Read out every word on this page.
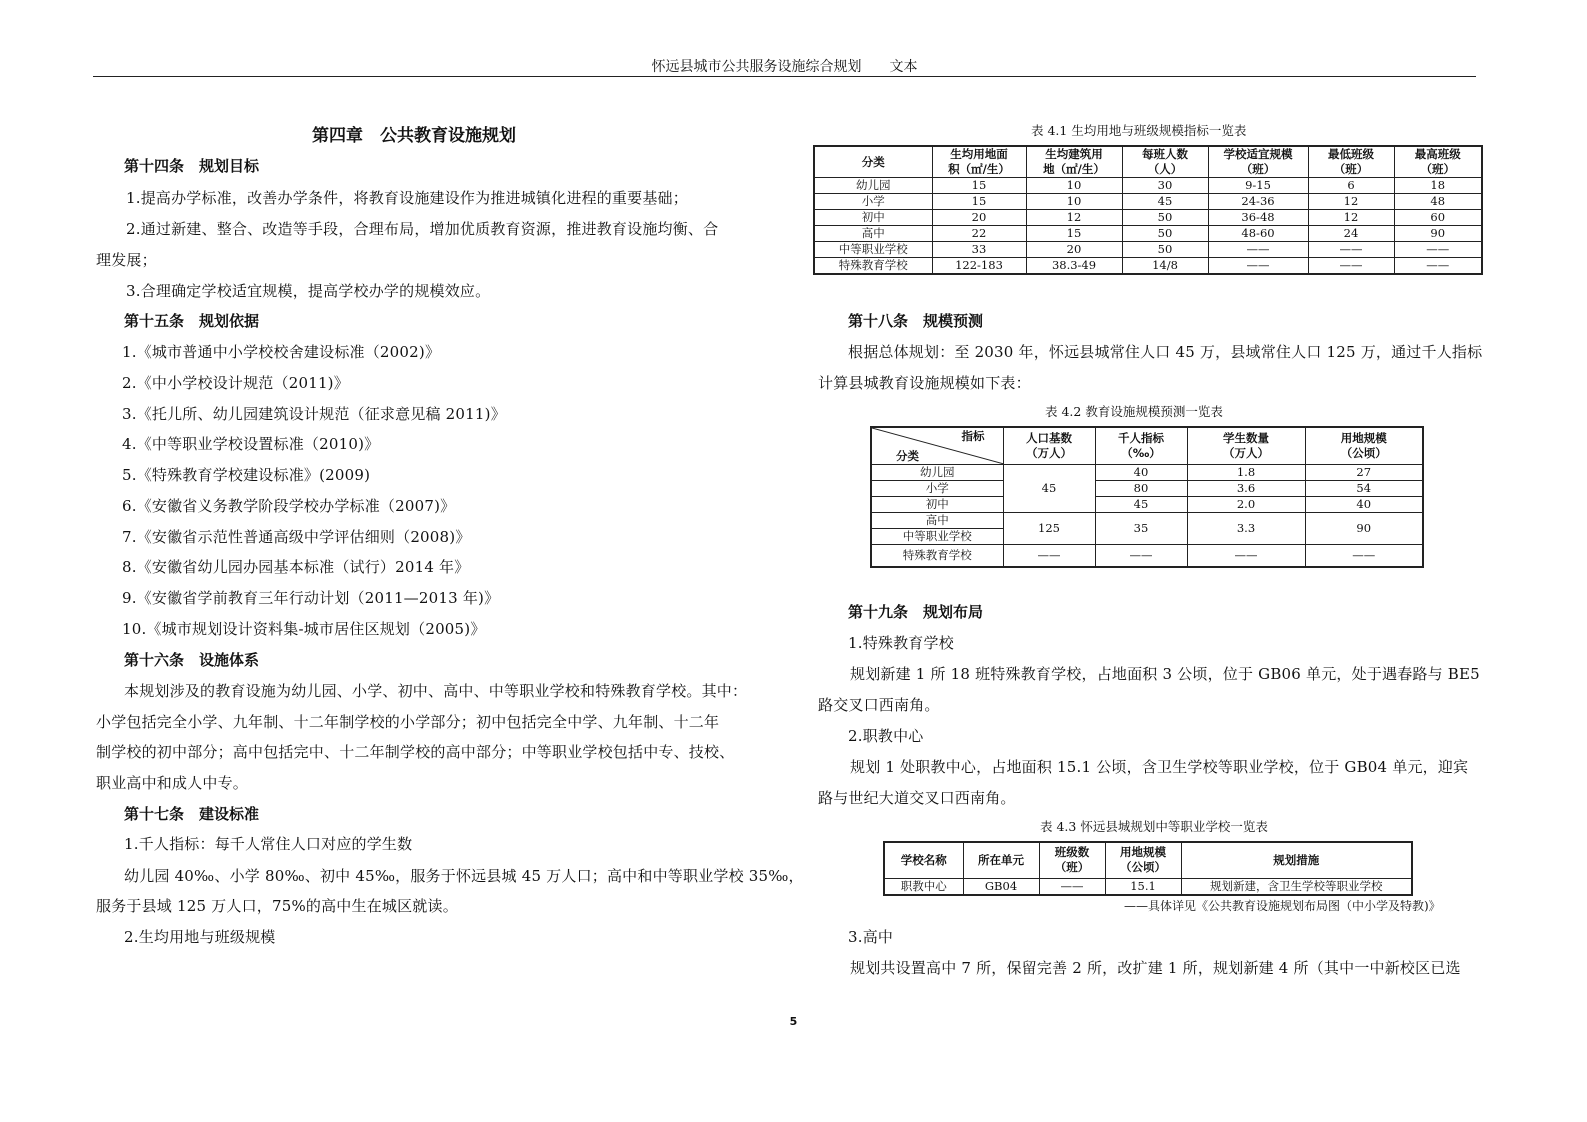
怀远县城市公共服务设施综合规划 文本
第四章　公共教育设施规划
第十四条　规划目标
1.提高办学标准，改善办学条件，将教育设施建设作为推进城镇化进程的重要基础；
2.通过新建、整合、改造等手段，合理布局，增加优质教育资源，推进教育设施均衡、合
理发展；
3.合理确定学校适宜规模，提高学校办学的规模效应。
第十五条　规划依据
1.《城市普通中小学校校舍建设标准（2002)》
2.《中小学校设计规范（2011)》
3.《托儿所、幼儿园建筑设计规范（征求意见稿 2011)》
4.《中等职业学校设置标准（2010)》
5.《特殊教育学校建设标准》(2009)
6.《安徽省义务教学阶段学校办学标准（2007)》
7.《安徽省示范性普通高级中学评估细则（2008)》
8.《安徽省幼儿园办园基本标准（试行）2014 年》
9.《安徽省学前教育三年行动计划（2011—2013 年)》
10.《城市规划设计资料集-城市居住区规划（2005)》
第十六条　设施体系
本规划涉及的教育设施为幼儿园、小学、初中、高中、中等职业学校和特殊教育学校。其中：
小学包括完全小学、九年制、十二年制学校的小学部分；初中包括完全中学、九年制、十二年
制学校的初中部分；高中包括完中、十二年制学校的高中部分；中等职业学校包括中专、技校、
职业高中和成人中专。
第十七条　建设标准
1.千人指标：每千人常住人口对应的学生数
幼儿园 40‰、小学 80‰、初中 45‰，服务于怀远县城 45 万人口；高中和中等职业学校 35‰，
服务于县域 125 万人口，75%的高中生在城区就读。
2.生均用地与班级规模
表 4.1 生均用地与班级规模指标一览表
分类	生均用地面
积（㎡/生）	生均建筑用
地（㎡/生）	每班人数
（人）	学校适宜规模
（班）	最低班级
（班）	最高班级
（班）
幼儿园	15	10	30	9-15	6	18
小学	15	10	45	24-36	12	48
初中	20	12	50	36-48	12	60
高中	22	15	50	48-60	24	90
中等职业学校	33	20	50	——	——	——
特殊教育学校	122-183	38.3-49	14/8	——	——	——
第十八条　规模预测
根据总体规划：至 2030 年，怀远县城常住人口 45 万，县域常住人口 125 万，通过千人指标
计算县城教育设施规模如下表：
表 4.2 教育设施规模预测一览表
指标
分类	人口基数
（万人）	千人指标
（‰）	学生数量
（万人）	用地规模
（公顷）
幼儿园	45	40	1.8	27
小学		80	3.6	54
初中		45	2.0	40
高中	125	35	3.3	90
中等职业学校				
特殊教育学校	——	——	——	——
第十九条　规划布局
1.特殊教育学校
规划新建 1 所 18 班特殊教育学校，占地面积 3 公顷，位于 GB06 单元，处于遇春路与 BE5
路交叉口西南角。
2.职教中心
规划 1 处职教中心，占地面积 15.1 公顷，含卫生学校等职业学校，位于 GB04 单元，迎宾
路与世纪大道交叉口西南角。
表 4.3 怀远县城规划中等职业学校一览表
学校名称	所在单元	班级数
（班）	用地规模
（公顷）	规划措施
职教中心	GB04	——	15.1	规划新建，含卫生学校等职业学校
——具体详见《公共教育设施规划布局图（中小学及特教)》
3.高中
规划共设置高中 7 所，保留完善 2 所，改扩建 1 所，规划新建 4 所（其中一中新校区已选
5
